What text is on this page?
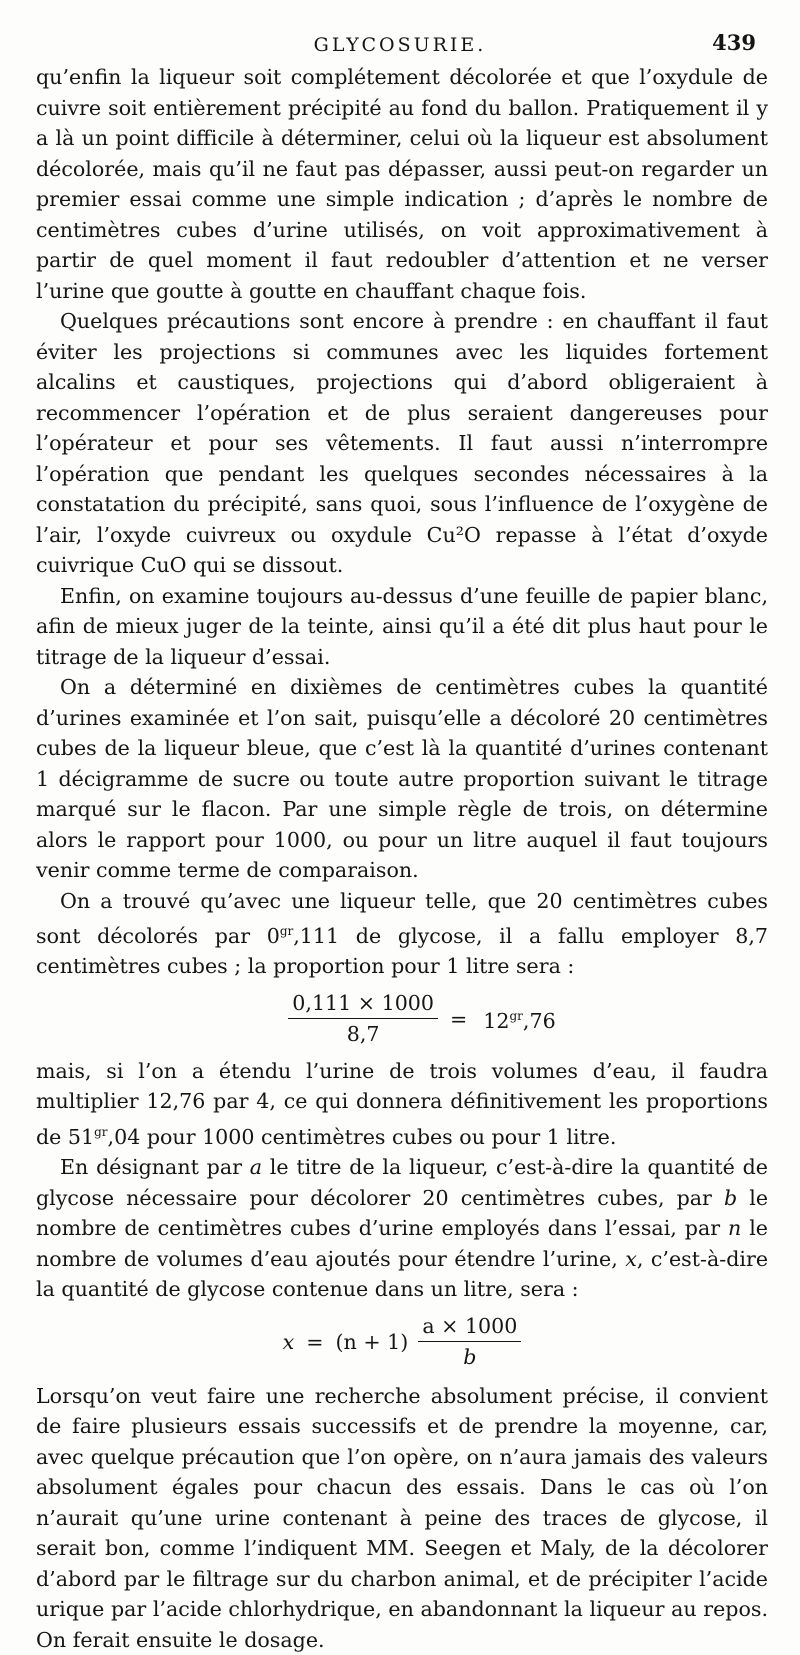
GLYCOSURIE.	439

qu’enfin la liqueur soit complétement décolorée et que l’oxydule de cuivre soit entièrement précipité au fond du ballon. Pratiquement il y a là un point difficile à déterminer, celui où la liqueur est absolument décolorée, mais qu’il ne faut pas dépasser, aussi peut-on regarder un premier essai comme une simple indication ; d’après le nombre de centimètres cubes d’urine utilisés, on voit approximativement à partir de quel moment il faut redoubler d’attention et ne verser l’urine que goutte à goutte en chauffant chaque fois.

Quelques précautions sont encore à prendre : en chauffant il faut éviter les projections si communes avec les liquides fortement alcalins et caustiques, projections qui d’abord obligeraient à recommencer l’opération et de plus seraient dangereuses pour l’opérateur et pour ses vêtements. Il faut aussi n’interrompre l’opération que pendant les quelques secondes nécessaires à la constatation du précipité, sans quoi, sous l’influence de l’oxygène de l’air, l’oxyde cuivreux ou oxydule Cu²O repasse à l’état d’oxyde cuivrique CuO qui se dissout.

Enfin, on examine toujours au-dessus d’une feuille de papier blanc, afin de mieux juger de la teinte, ainsi qu’il a été dit plus haut pour le titrage de la liqueur d’essai.

On a déterminé en dixièmes de centimètres cubes la quantité d’urines examinée et l’on sait, puisqu’elle a décoloré 20 centimètres cubes de la liqueur bleue, que c’est là la quantité d’urines contenant 1 décigramme de sucre ou toute autre proportion suivant le titrage marqué sur le flacon. Par une simple règle de trois, on détermine alors le rapport pour 1000, ou pour un litre auquel il faut toujours venir comme terme de comparaison.

On a trouvé qu’avec une liqueur telle, que 20 centimètres cubes sont décolorés par $0^{gr},111$ de glycose, il a fallu employer 8,7 centimètres cubes ; la proportion pour 1 litre sera :

$\frac{0,111 \times 1000}{8,7} = 12^{gr},76$

mais, si l’on a étendu l’urine de trois volumes d’eau, il faudra multiplier 12,76 par 4, ce qui donnera définitivement les proportions de $51^{gr},04$ pour 1000 centimètres cubes ou pour 1 litre.

En désignant par a le titre de la liqueur, c’est-à-dire la quantité de glycose nécessaire pour décolorer 20 centimètres cubes, par b le nombre de centimètres cubes d’urine employés dans l’essai, par n le nombre de volumes d’eau ajoutés pour étendre l’urine, x, c’est-à-dire la quantité de glycose contenue dans un litre, sera :

$x = (n + 1) \frac{a \times 1000}{b}$

Lorsqu’on veut faire une recherche absolument précise, il convient de faire plusieurs essais successifs et de prendre la moyenne, car, avec quelque précaution que l’on opère, on n’aura jamais des valeurs absolument égales pour chacun des essais. Dans le cas où l’on n’aurait qu’une urine contenant à peine des traces de glycose, il serait bon, comme l’indiquent MM. Seegen et Maly, de la décolorer d’abord par le filtrage sur du charbon animal, et de précipiter l’acide urique par l’acide chlorhydrique, en abandonnant la liqueur au repos. On ferait ensuite le dosage.
